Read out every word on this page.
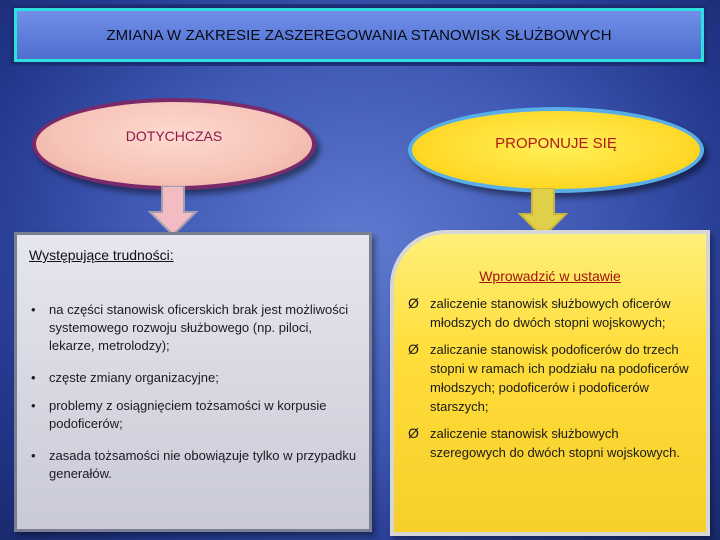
ZMIANA W ZAKRESIE ZASZEREGOWANIA STANOWISK SŁUŻBOWYCH
DOTYCHCZAS	PROPONUJE SIĘ

Występujące trudności:

• na części stanowisk oficerskich brak jest możliwości systemowego rozwoju służbowego (np. piloci, lekarze, metrolodzy);
• częste zmiany organizacyjne;
• problemy z osiągnięciem tożsamości w korpusie podoficerów;
• zasada tożsamości nie obowiązuje tylko w przypadku generałów.

Wprowadzić w ustawie

Ø zaliczenie stanowisk służbowych oficerów młodszych do dwóch stopni wojskowych;
Ø zaliczanie stanowisk podoficerów do trzech stopni w ramach ich podziału na podoficerów młodszych; podoficerów i podoficerów starszych;
Ø zaliczenie stanowisk służbowych szeregowych do dwóch stopni wojskowych.
